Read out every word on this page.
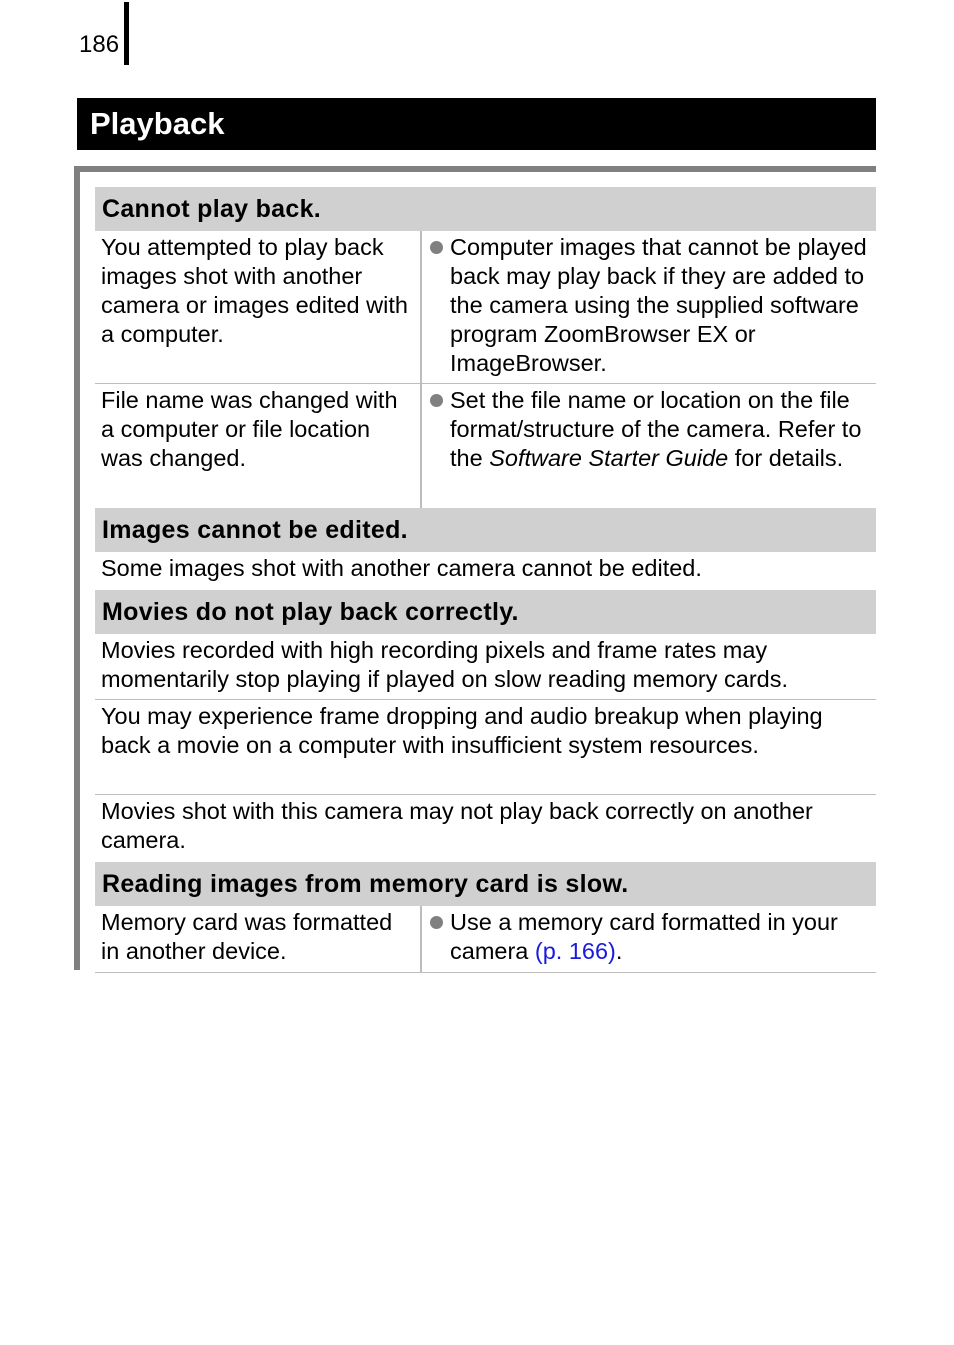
186
Playback
Cannot play back.
You attempted to play back images shot with another camera or images edited with a computer.
Computer images that cannot be played back may play back if they are added to the camera using the supplied software program ZoomBrowser EX or ImageBrowser.
File name was changed with a computer or file location was changed.
Set the file name or location on the file format/structure of the camera. Refer to the Software Starter Guide for details.
Images cannot be edited.
Some images shot with another camera cannot be edited.
Movies do not play back correctly.
Movies recorded with high recording pixels and frame rates may momentarily stop playing if played on slow reading memory cards.
You may experience frame dropping and audio breakup when playing back a movie on a computer with insufficient system resources.
Movies shot with this camera may not play back correctly on another camera.
Reading images from memory card is slow.
Memory card was formatted in another device.
Use a memory card formatted in your camera (p. 166).
